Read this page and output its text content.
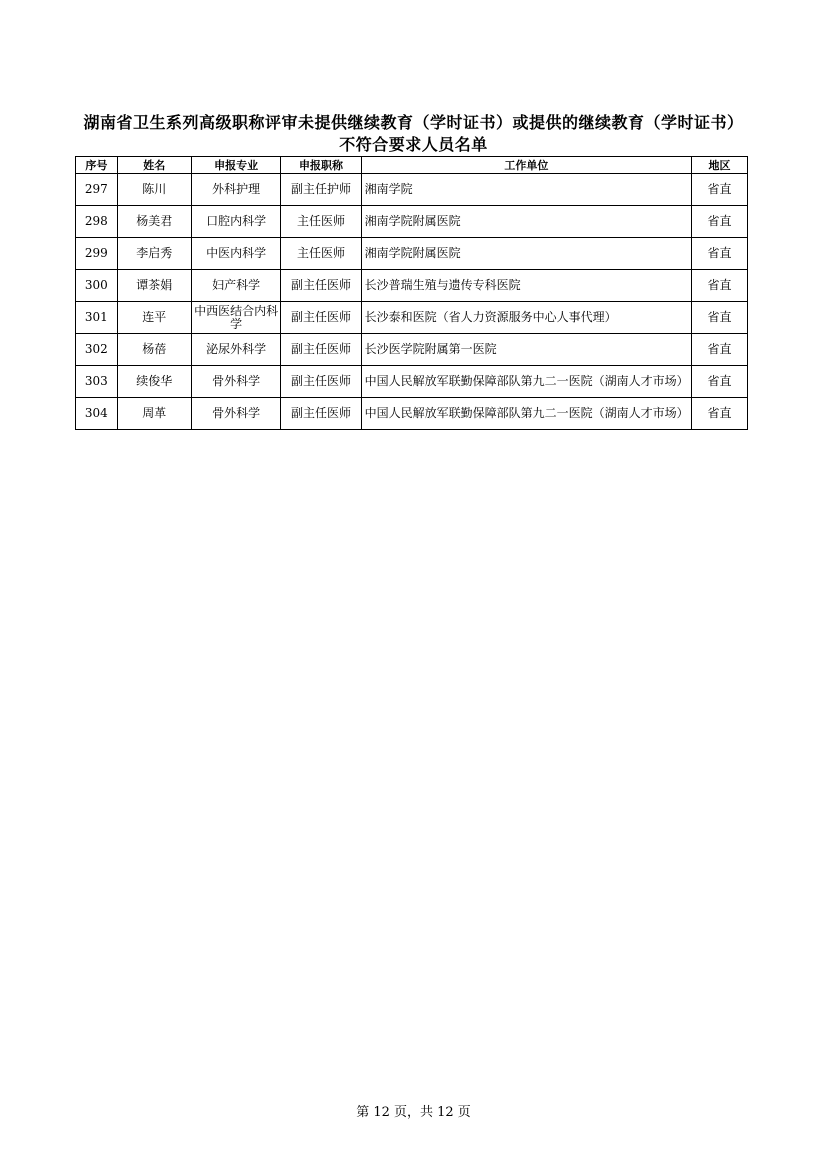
湖南省卫生系列高级职称评审未提供继续教育（学时证书）或提供的继续教育（学时证书）
不符合要求人员名单
序号	姓名	申报专业	申报职称	工作单位	地区
297	陈川	外科护理	副主任护师	湘南学院	省直
298	杨美君	口腔内科学	主任医师	湘南学院附属医院	省直
299	李启秀	中医内科学	主任医师	湘南学院附属医院	省直
300	谭茶娟	妇产科学	副主任医师	长沙普瑞生殖与遗传专科医院	省直
301	连平	中西医结合内科学	副主任医师	长沙泰和医院（省人力资源服务中心人事代理）	省直
302	杨蓓	泌尿外科学	副主任医师	长沙医学院附属第一医院	省直
303	续俊华	骨外科学	副主任医师	中国人民解放军联勤保障部队第九二一医院（湖南人才市场）	省直
304	周革	骨外科学	副主任医师	中国人民解放军联勤保障部队第九二一医院（湖南人才市场）	省直
第 12 页，共 12 页
